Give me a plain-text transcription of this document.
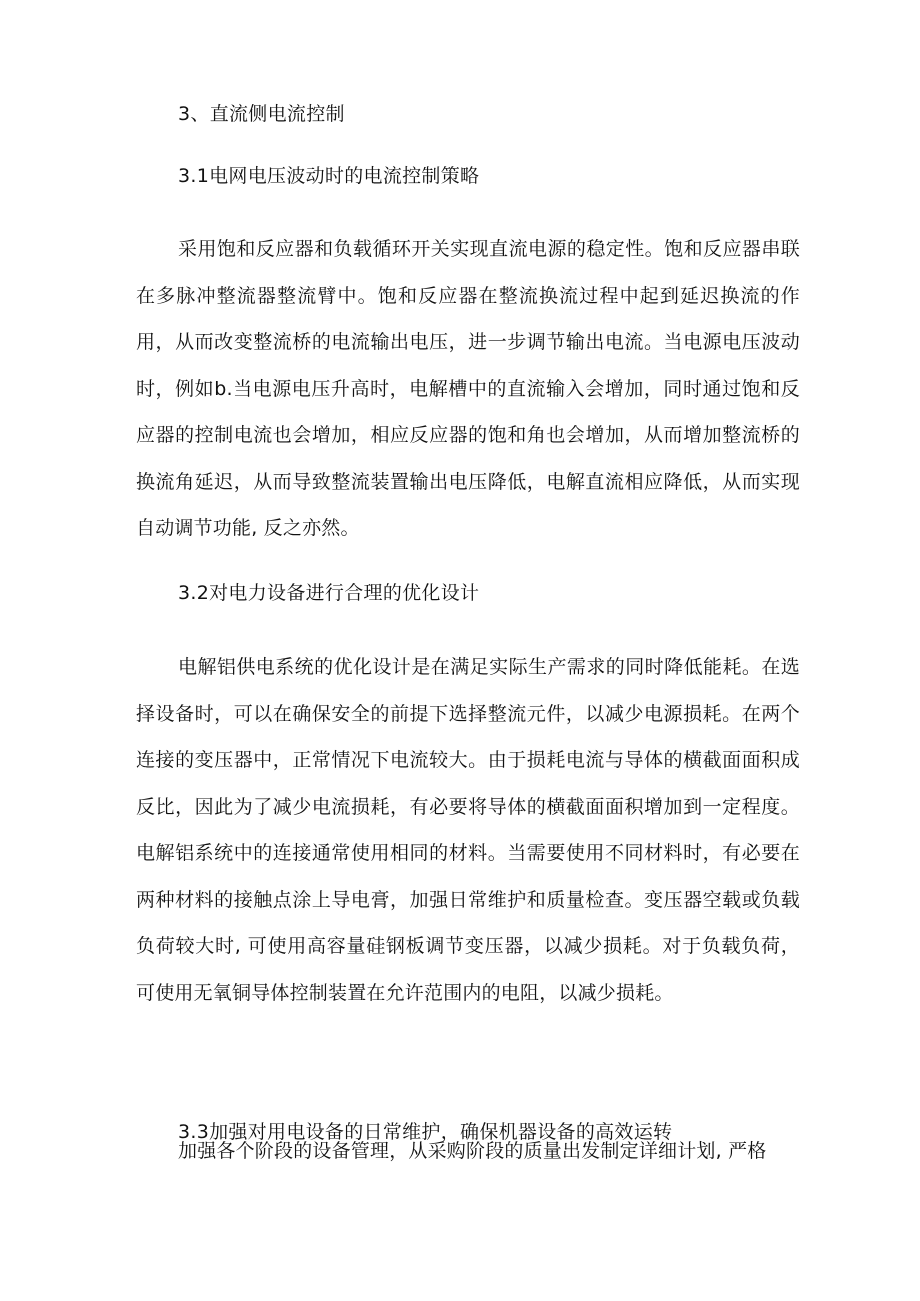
3、直流侧电流控制
3.1电网电压波动时的电流控制策略

采用饱和反应器和负载循环开关实现直流电源的稳定性。饱和反应器串联在多脉冲整流器整流臂中。饱和反应器在整流换流过程中起到延迟换流的作用，从而改变整流桥的电流输出电压，进一步调节输出电流。当电源电压波动时，例如b.当电源电压升高时，电解槽中的直流输入会增加，同时通过饱和反应器的控制电流也会增加，相应反应器的饱和角也会增加，从而增加整流桥的换流角延迟，从而导致整流装置输出电压降低，电解直流相应降低，从而实现自动调节功能, 反之亦然。

3.2对电力设备进行合理的优化设计

电解铝供电系统的优化设计是在满足实际生产需求的同时降低能耗。在选择设备时，可以在确保安全的前提下选择整流元件，以减少电源损耗。在两个连接的变压器中，正常情况下电流较大。由于损耗电流与导体的横截面面积成反比，因此为了减少电流损耗，有必要将导体的横截面面积增加到一定程度。电解铝系统中的连接通常使用相同的材料。当需要使用不同材料时，有必要在两种材料的接触点涂上导电膏，加强日常维护和质量检查。变压器空载或负载负荷较大时, 可使用高容量硅钢板调节变压器，以减少损耗。对于负载负荷，可使用无氧铜导体控制装置在允许范围内的电阻，以减少损耗。

3.3加强对用电设备的日常维护，确保机器设备的高效运转

加强各个阶段的设备管理，从采购阶段的质量出发制定详细计划, 严格
